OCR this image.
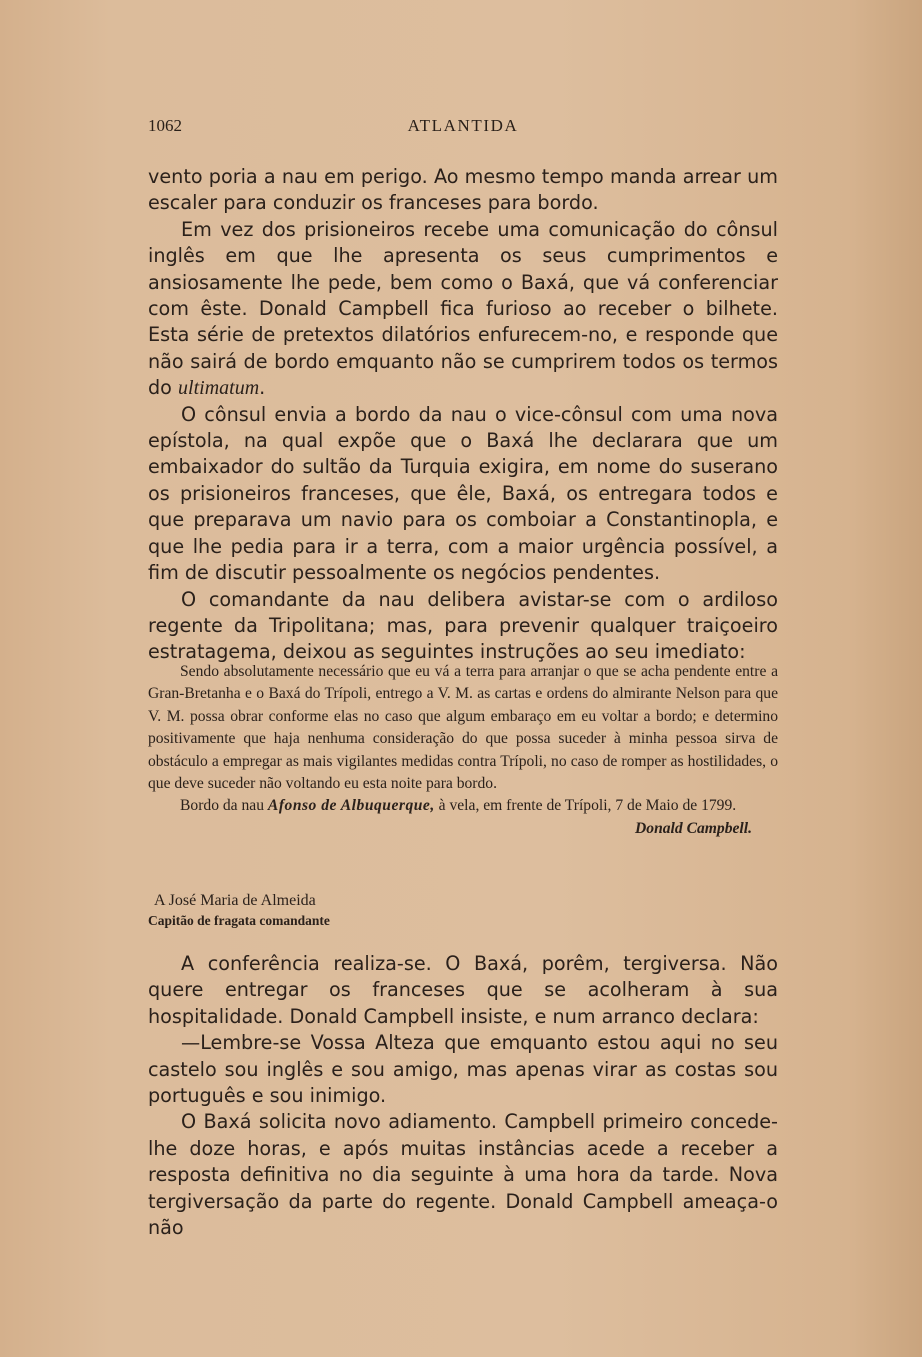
1062	ATLANTIDA

vento poria a nau em perigo. Ao mesmo tempo manda arrear um escaler para conduzir os franceses para bordo.

Em vez dos prisioneiros recebe uma comunicação do cônsul inglês em que lhe apresenta os seus cumprimentos e ansiosamente lhe pede, bem como o Baxá, que vá conferenciar com êste. Donald Campbell fica furioso ao receber o bilhete. Esta série de pretextos dilatórios enfurecem-no, e responde que não sairá de bordo emquanto não se cumprirem todos os termos do ultimatum.

O cônsul envia a bordo da nau o vice-cônsul com uma nova epístola, na qual expõe que o Baxá lhe declarara que um embaixador do sultão da Turquia exigira, em nome do suserano os prisioneiros franceses, que êle, Baxá, os entregara todos e que preparava um navio para os comboiar a Constantinopla, e que lhe pedia para ir a terra, com a maior urgência possível, a fim de discutir pessoalmente os negócios pendentes.

O comandante da nau delibera avistar-se com o ardiloso regente da Tripolitana; mas, para prevenir qualquer traiçoeiro estratagema, deixou as seguintes instruções ao seu imediato:

Sendo absolutamente necessário que eu vá a terra para arranjar o que se acha pendente entre a Gran-Bretanha e o Baxá do Trípoli, entrego a V. M. as cartas e ordens do almirante Nelson para que V. M. possa obrar conforme elas no caso que algum embaraço em eu voltar a bordo; e determino positivamente que haja nenhuma consideração do que possa suceder à minha pessoa sirva de obstáculo a empregar as mais vigilantes medidas contra Trípoli, no caso de romper as hostilidades, o que deve suceder não voltando eu esta noite para bordo.

Bordo da nau Afonso de Albuquerque, à vela, em frente de Trípoli, 7 de Maio de 1799.

Donald Campbell.
A José Maria de Almeida
Capitão de fragata comandante

A conferência realiza-se. O Baxá, porêm, tergiversa. Não quere entregar os franceses que se acolheram à sua hospitalidade. Donald Campbell insiste, e num arranco declara:

—Lembre-se Vossa Alteza que emquanto estou aqui no seu castelo sou inglês e sou amigo, mas apenas virar as costas sou português e sou inimigo.

O Baxá solicita novo adiamento. Campbell primeiro concede-lhe doze horas, e após muitas instâncias acede a receber a resposta definitiva no dia seguinte à uma hora da tarde. Nova tergiversação da parte do regente. Donald Campbell ameaça-o não
